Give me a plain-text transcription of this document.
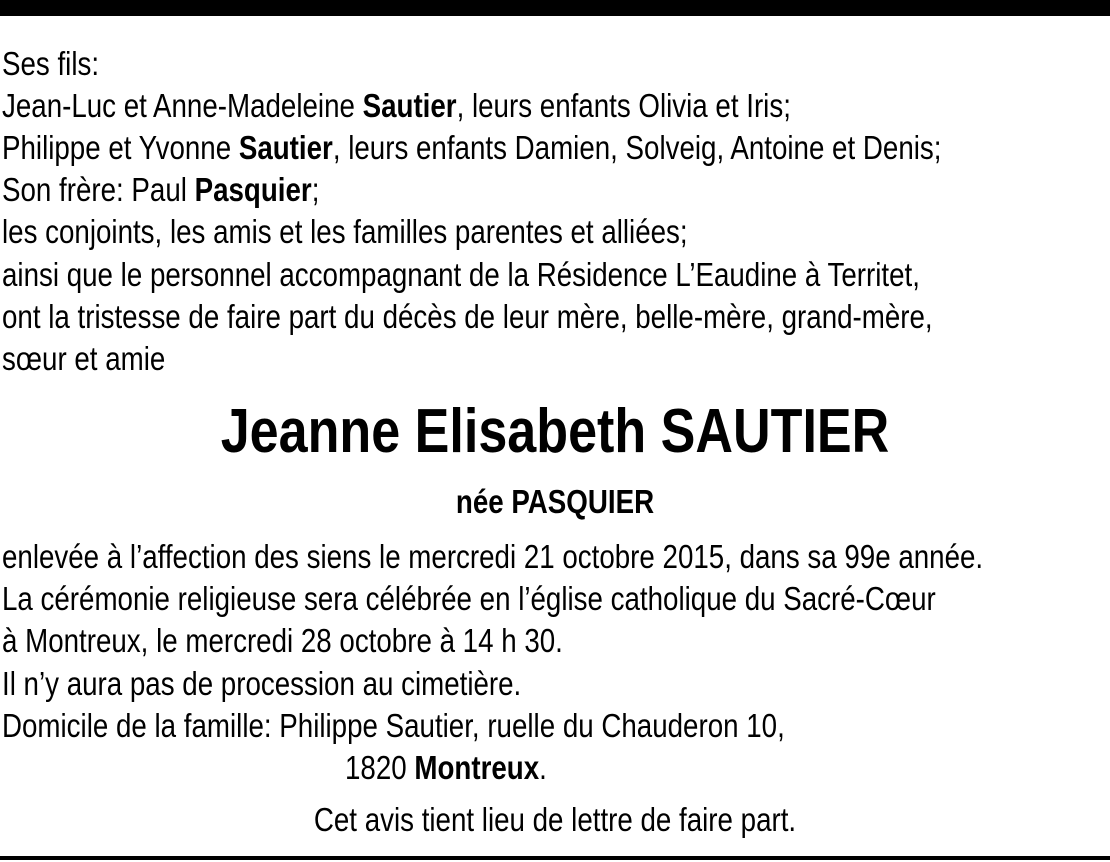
Ses fils:
Jean-Luc et Anne-Madeleine Sautier, leurs enfants Olivia et Iris;
Philippe et Yvonne Sautier, leurs enfants Damien, Solveig, Antoine et Denis;
Son frère: Paul Pasquier;
les conjoints, les amis et les familles parentes et alliées;
ainsi que le personnel accompagnant de la Résidence L’Eaudine à Territet,
ont la tristesse de faire part du décès de leur mère, belle-mère, grand-mère,
sœur et amie
Jeanne Elisabeth SAUTIER
née PASQUIER
enlevée à l’affection des siens le mercredi 21 octobre 2015, dans sa 99e année.
La cérémonie religieuse sera célébrée en l’église catholique du Sacré-Cœur
à Montreux, le mercredi 28 octobre à 14 h 30.
Il n’y aura pas de procession au cimetière.
Domicile de la famille: Philippe Sautier, ruelle du Chauderon 10,
1820 Montreux.
Cet avis tient lieu de lettre de faire part.
